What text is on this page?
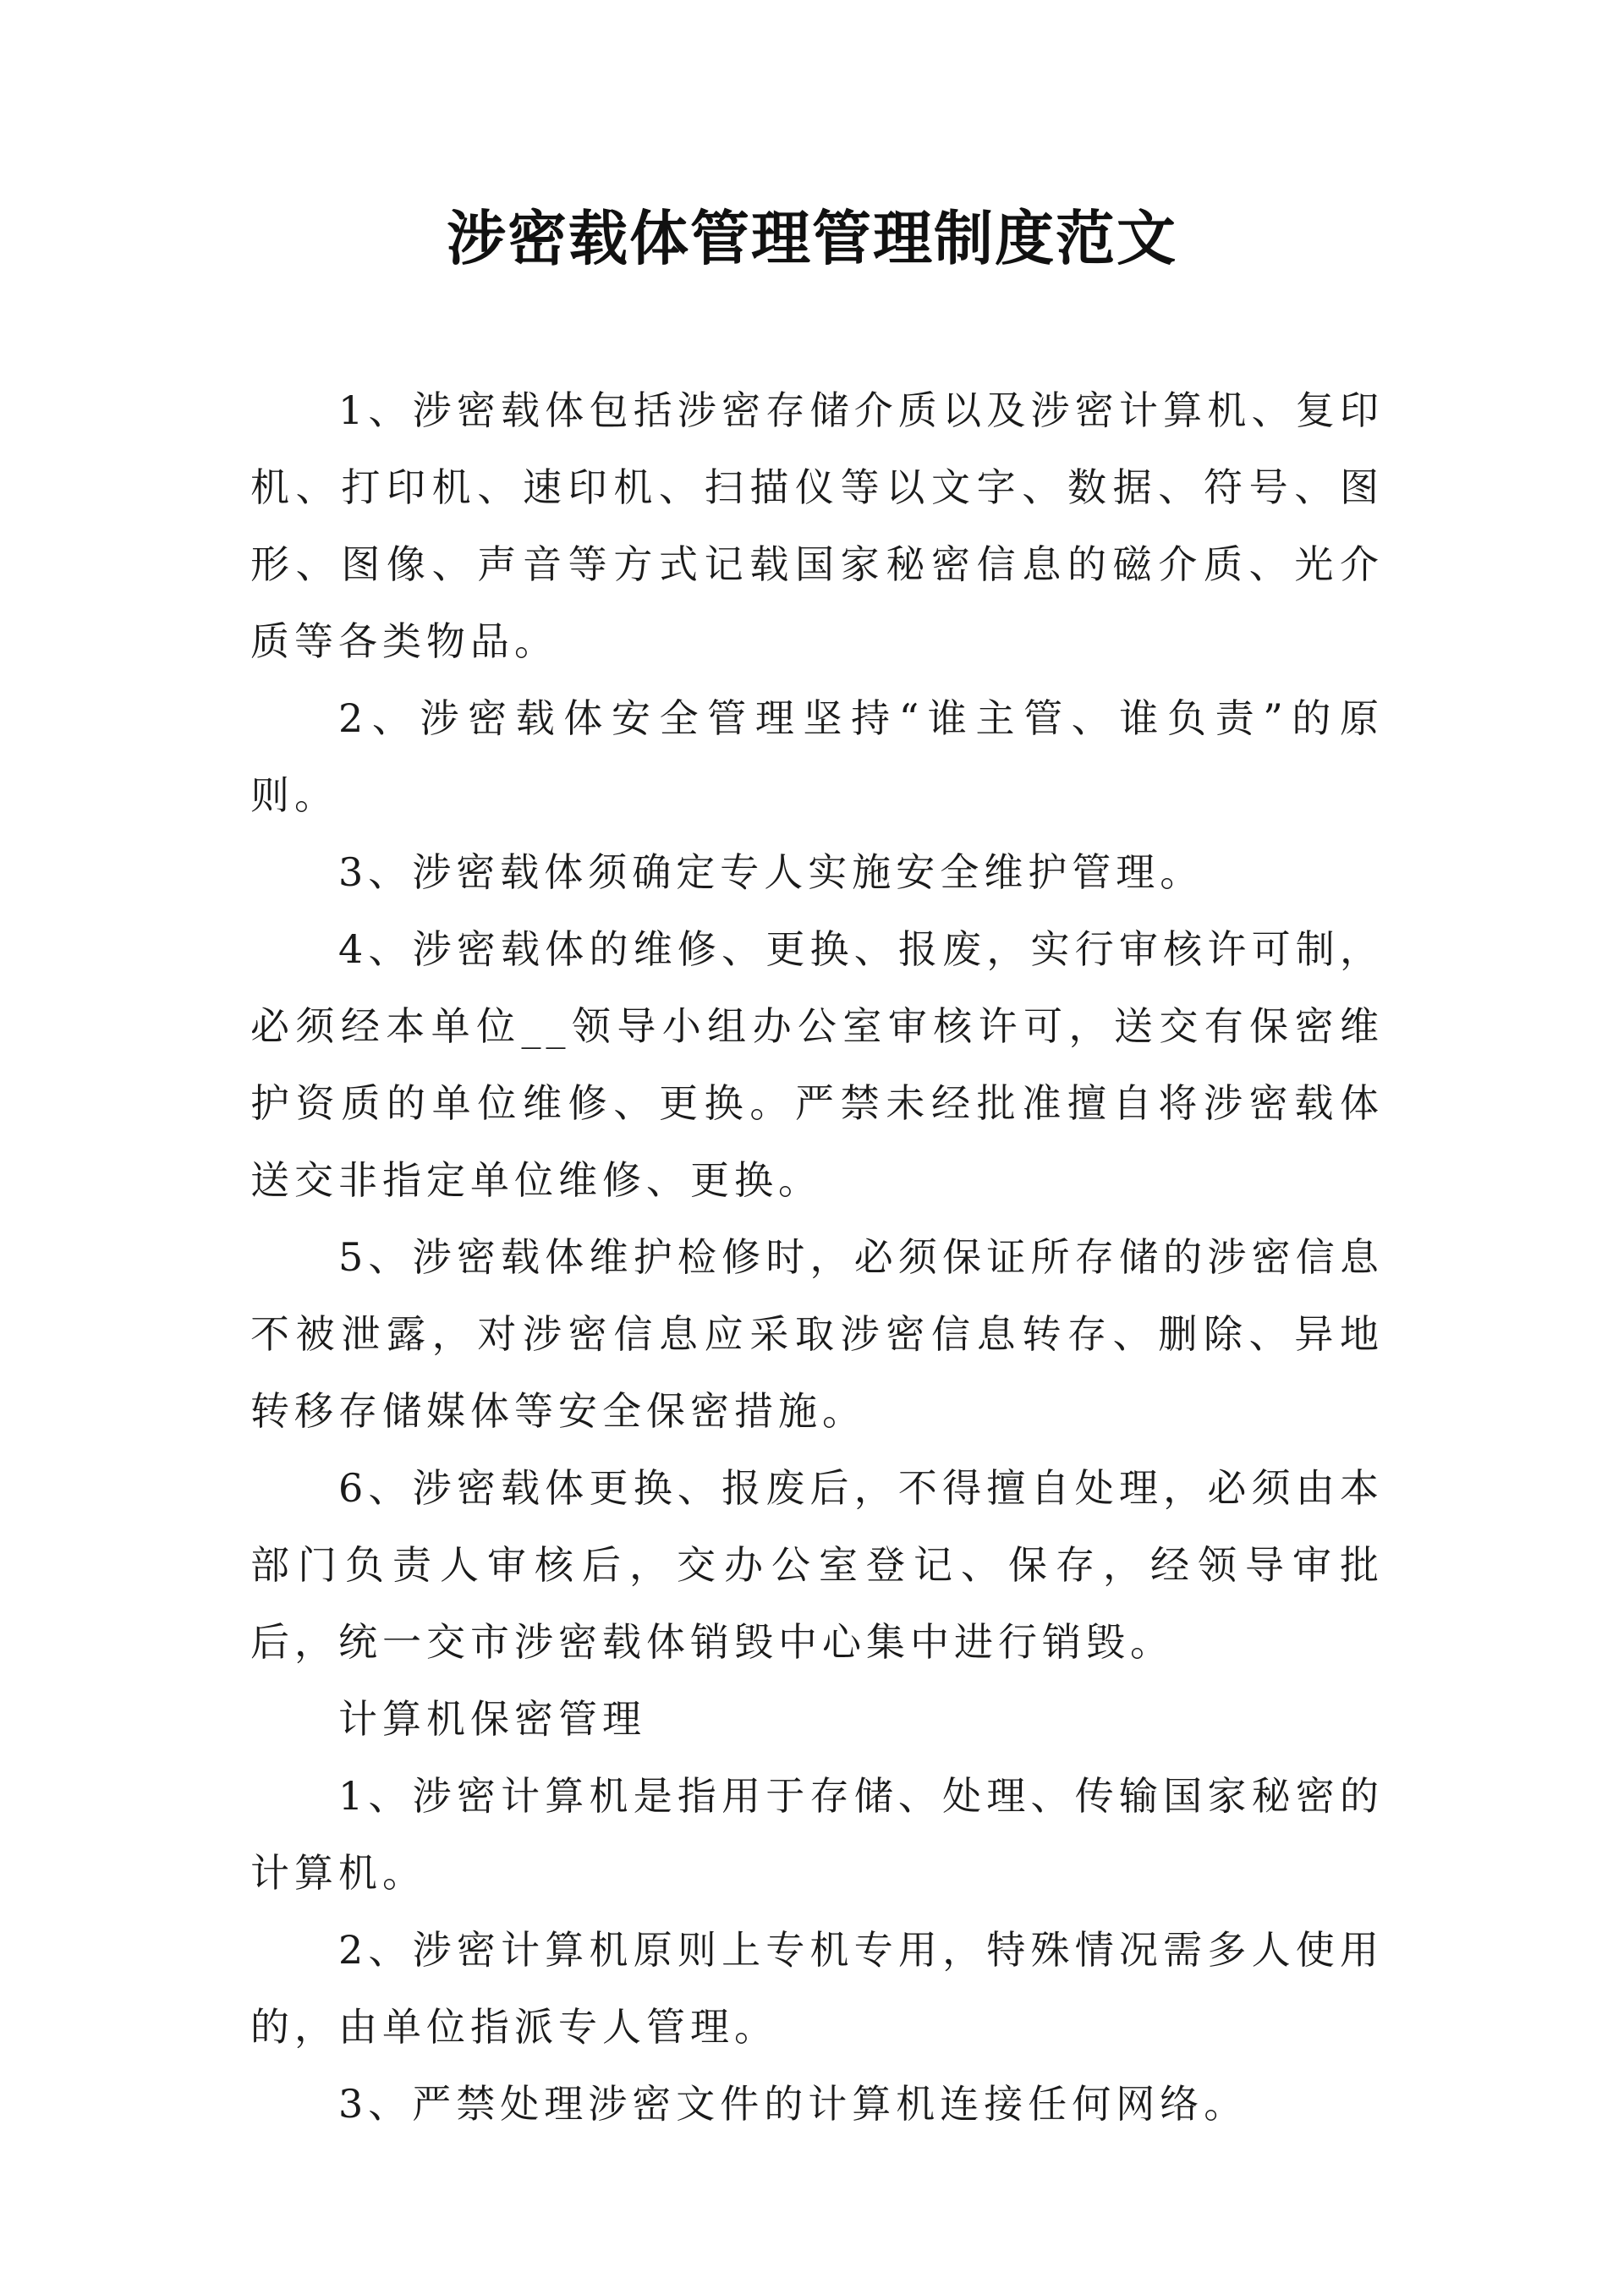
涉密载体管理管理制度范文

1、涉密载体包括涉密存储介质以及涉密计算机、复印机、打印机、速印机、扫描仪等以文字、数据、符号、图形、图像、声音等方式记载国家秘密信息的磁介质、光介质等各类物品。

2、涉密载体安全管理坚持“谁主管、谁负责”的原则。

3、涉密载体须确定专人实施安全维护管理。

4、涉密载体的维修、更换、报废，实行审核许可制，必须经本单位__领导小组办公室审核许可，送交有保密维护资质的单位维修、更换。严禁未经批准擅自将涉密载体送交非指定单位维修、更换。

5、涉密载体维护检修时，必须保证所存储的涉密信息不被泄露，对涉密信息应采取涉密信息转存、删除、异地转移存储媒体等安全保密措施。

6、涉密载体更换、报废后，不得擅自处理，必须由本部门负责人审核后，交办公室登记、保存，经领导审批后，统一交市涉密载体销毁中心集中进行销毁。

计算机保密管理

1、涉密计算机是指用于存储、处理、传输国家秘密的计算机。

2、涉密计算机原则上专机专用，特殊情况需多人使用的，由单位指派专人管理。

3、严禁处理涉密文件的计算机连接任何网络。
